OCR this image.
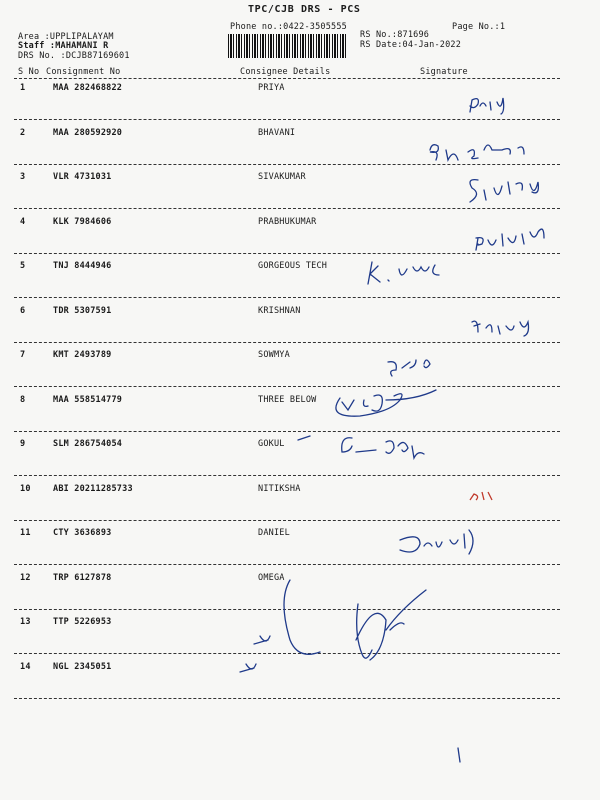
TPC/CJB DRS - PCS
Phone no.:0422-3505555	Page No.:1
Area :UPPLIPALAYAM
Staff :MAHAMANI R
DRS No. :DCJB87169601
RS No.:871696
RS Date:04-Jan-2022
S No Consignment No	Consignee Details	Signature
1	MAA 282468822	PRIYA
2	MAA 280592920	BHAVANI
3	VLR 4731031	SIVAKUMAR
4	KLK 7984606	PRABHUKUMAR
5	TNJ 8444946	GORGEOUS TECH
6	TDR 5307591	KRISHNAN
7	KMT 2493789	SOWMYA
8	MAA 558514779	THREE BELOW
9	SLM 286754054	GOKUL
10	ABI 20211285733	NITIKSHA
11	CTY 3636893	DANIEL
12	TRP 6127878	OMEGA
13	TTP 5226953
14	NGL 2345051
